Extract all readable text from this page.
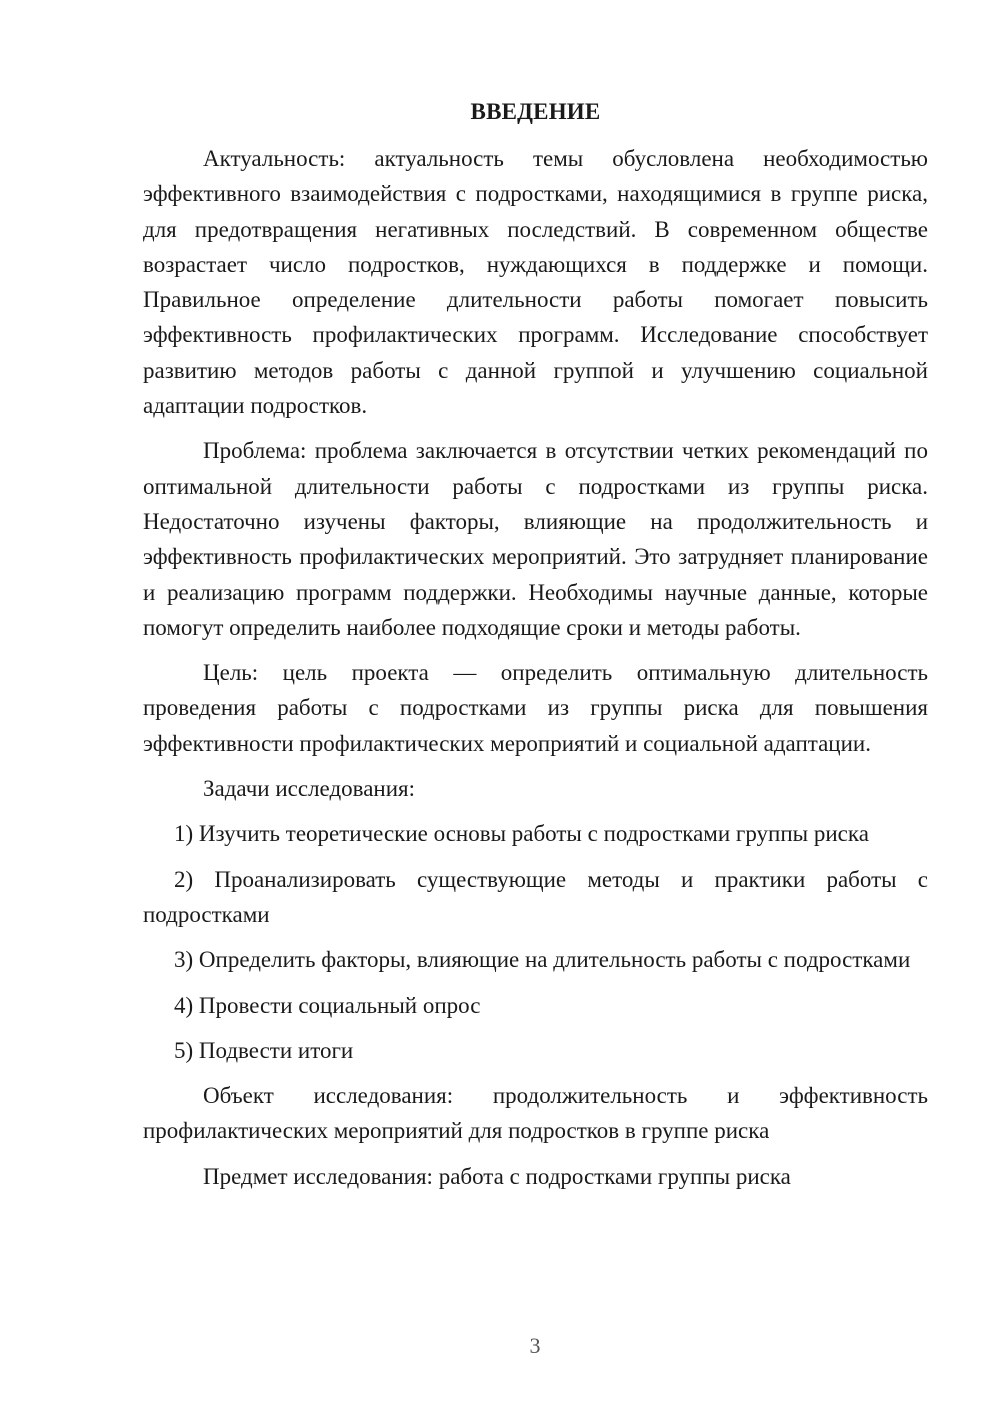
ВВЕДЕНИЕ

Актуальность: актуальность темы обусловлена необходимостью эффективного взаимодействия с подростками, находящимися в группе риска, для предотвращения негативных последствий. В современном обществе возрастает число подростков, нуждающихся в поддержке и помощи. Правильное определение длительности работы помогает повысить эффективность профилактических программ. Исследование способствует развитию методов работы с данной группой и улучшению социальной адаптации подростков.

Проблема: проблема заключается в отсутствии четких рекомендаций по оптимальной длительности работы с подростками из группы риска. Недостаточно изучены факторы, влияющие на продолжительность и эффективность профилактических мероприятий. Это затрудняет планирование и реализацию программ поддержки. Необходимы научные данные, которые помогут определить наиболее подходящие сроки и методы работы.

Цель: цель проекта — определить оптимальную длительность проведения работы с подростками из группы риска для повышения эффективности профилактических мероприятий и социальной адаптации.

Задачи исследования:

1) Изучить теоретические основы работы с подростками группы риска

2) Проанализировать существующие методы и практики работы с подростками

3) Определить факторы, влияющие на длительность работы с подростками

4) Провести социальный опрос

5) Подвести итоги

Объект исследования: продолжительность и эффективность профилактических мероприятий для подростков в группе риска

Предмет исследования: работа с подростками группы риска

3
